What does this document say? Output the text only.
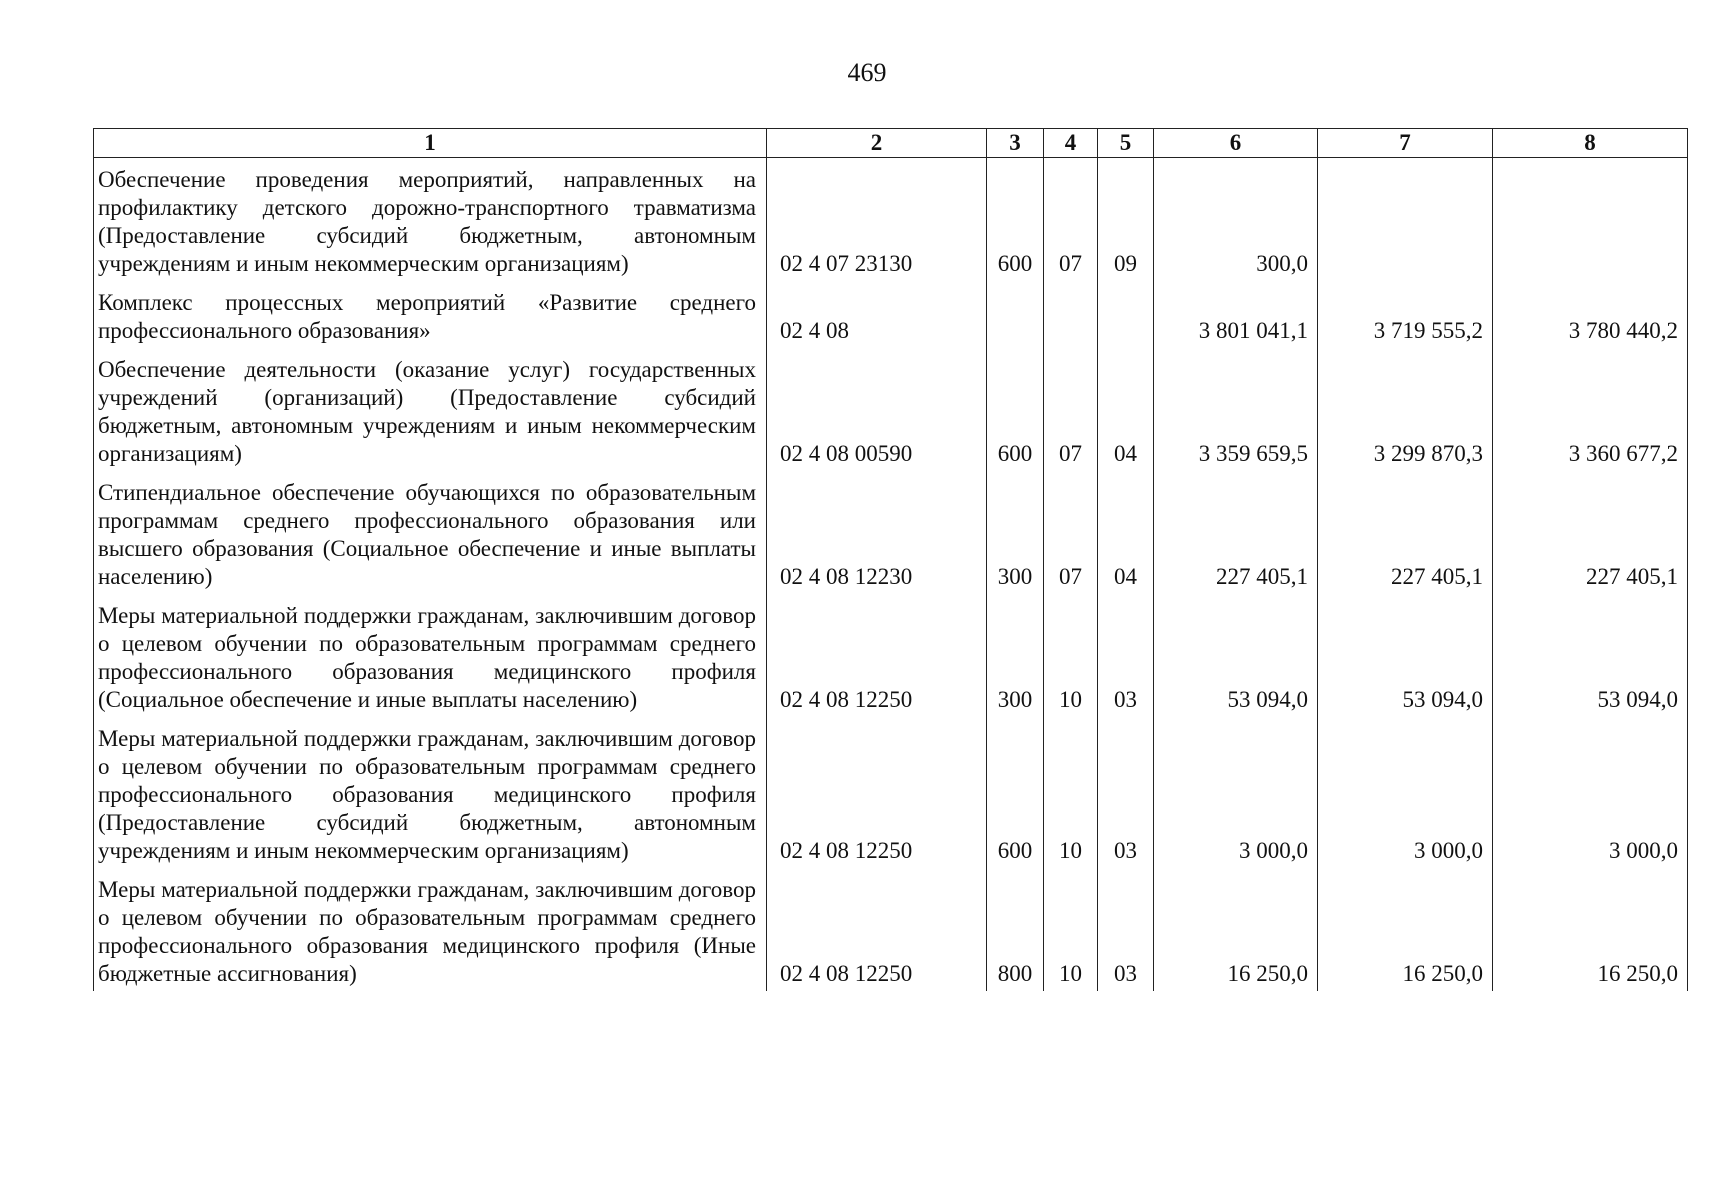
469
1	2	3	4	5	6	7	8
Обеспечение проведения мероприятий, направленных на профилактику детского дорожно-транспортного травматизма (Предоставление субсидий бюджетным, автономным учреждениям и иным некоммерческим организациям)	02 4 07 23130	600	07	09	300,0		
Комплекс процессных мероприятий «Развитие среднего профессионального образования»	02 4 08				3 801 041,1	3 719 555,2	3 780 440,2
Обеспечение деятельности (оказание услуг) государственных учреждений (организаций) (Предоставление субсидий бюджетным, автономным учреждениям и иным некоммерческим организациям)	02 4 08 00590	600	07	04	3 359 659,5	3 299 870,3	3 360 677,2
Стипендиальное обеспечение обучающихся по образовательным программам среднего профессионального образования или высшего образования (Социальное обеспечение и иные выплаты населению)	02 4 08 12230	300	07	04	227 405,1	227 405,1	227 405,1
Меры материальной поддержки гражданам, заключившим договор о целевом обучении по образовательным программам среднего профессионального образования медицинского профиля (Социальное обеспечение и иные выплаты населению)	02 4 08 12250	300	10	03	53 094,0	53 094,0	53 094,0
Меры материальной поддержки гражданам, заключившим договор о целевом обучении по образовательным программам среднего профессионального образования медицинского профиля (Предоставление субсидий бюджетным, автономным учреждениям и иным некоммерческим организациям)	02 4 08 12250	600	10	03	3 000,0	3 000,0	3 000,0
Меры материальной поддержки гражданам, заключившим договор о целевом обучении по образовательным программам среднего профессионального образования медицинского профиля (Иные бюджетные ассигнования)	02 4 08 12250	800	10	03	16 250,0	16 250,0	16 250,0
